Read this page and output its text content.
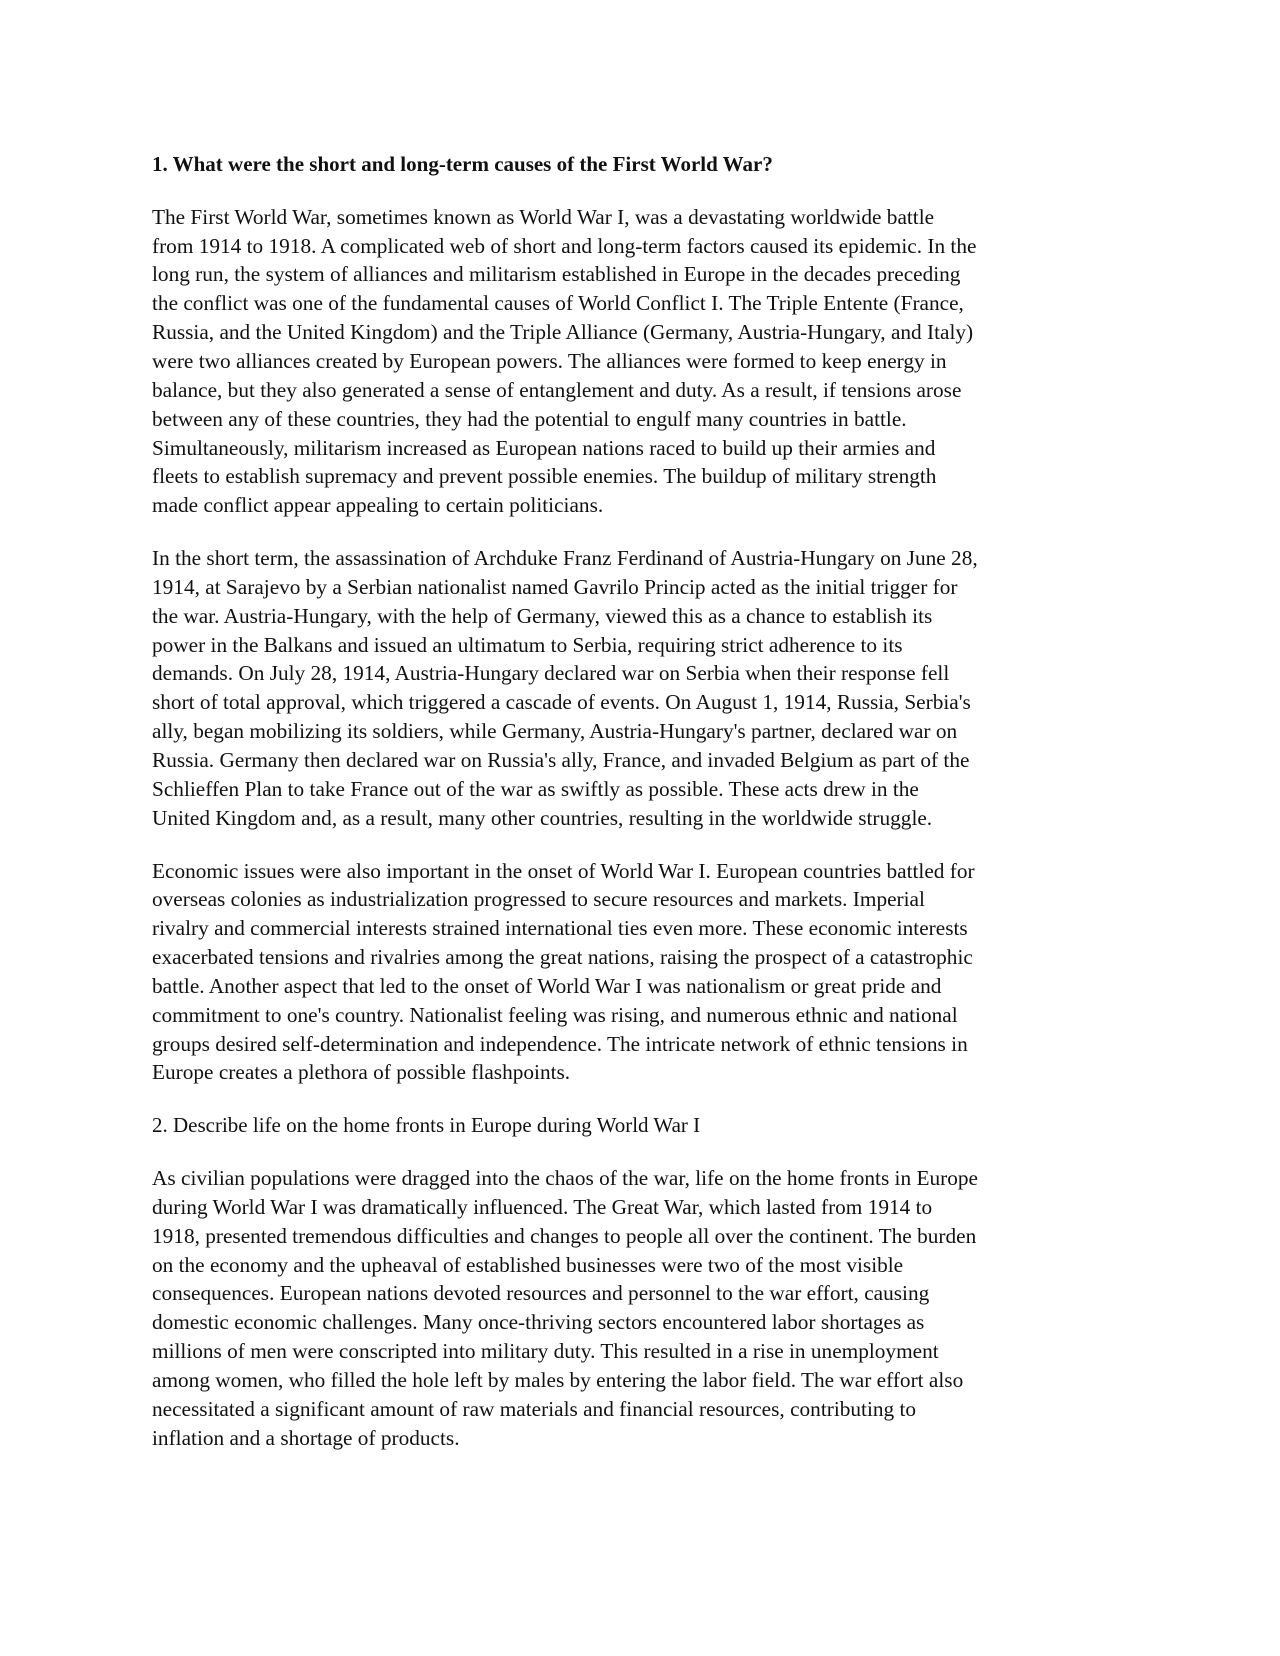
1. What were the short and long-term causes of the First World War?

The First World War, sometimes known as World War I, was a devastating worldwide battle
from 1914 to 1918. A complicated web of short and long-term factors caused its epidemic. In the
long run, the system of alliances and militarism established in Europe in the decades preceding
the conflict was one of the fundamental causes of World Conflict I. The Triple Entente (France,
Russia, and the United Kingdom) and the Triple Alliance (Germany, Austria-Hungary, and Italy)
were two alliances created by European powers. The alliances were formed to keep energy in
balance, but they also generated a sense of entanglement and duty. As a result, if tensions arose
between any of these countries, they had the potential to engulf many countries in battle.
Simultaneously, militarism increased as European nations raced to build up their armies and
fleets to establish supremacy and prevent possible enemies. The buildup of military strength
made conflict appear appealing to certain politicians.

In the short term, the assassination of Archduke Franz Ferdinand of Austria-Hungary on June 28,
1914, at Sarajevo by a Serbian nationalist named Gavrilo Princip acted as the initial trigger for
the war. Austria-Hungary, with the help of Germany, viewed this as a chance to establish its
power in the Balkans and issued an ultimatum to Serbia, requiring strict adherence to its
demands. On July 28, 1914, Austria-Hungary declared war on Serbia when their response fell
short of total approval, which triggered a cascade of events. On August 1, 1914, Russia, Serbia's
ally, began mobilizing its soldiers, while Germany, Austria-Hungary's partner, declared war on
Russia. Germany then declared war on Russia's ally, France, and invaded Belgium as part of the
Schlieffen Plan to take France out of the war as swiftly as possible. These acts drew in the
United Kingdom and, as a result, many other countries, resulting in the worldwide struggle.

Economic issues were also important in the onset of World War I. European countries battled for
overseas colonies as industrialization progressed to secure resources and markets. Imperial
rivalry and commercial interests strained international ties even more. These economic interests
exacerbated tensions and rivalries among the great nations, raising the prospect of a catastrophic
battle. Another aspect that led to the onset of World War I was nationalism or great pride and
commitment to one's country. Nationalist feeling was rising, and numerous ethnic and national
groups desired self-determination and independence. The intricate network of ethnic tensions in
Europe creates a plethora of possible flashpoints.

2. Describe life on the home fronts in Europe during World War I

As civilian populations were dragged into the chaos of the war, life on the home fronts in Europe
during World War I was dramatically influenced. The Great War, which lasted from 1914 to
1918, presented tremendous difficulties and changes to people all over the continent. The burden
on the economy and the upheaval of established businesses were two of the most visible
consequences. European nations devoted resources and personnel to the war effort, causing
domestic economic challenges. Many once-thriving sectors encountered labor shortages as
millions of men were conscripted into military duty. This resulted in a rise in unemployment
among women, who filled the hole left by males by entering the labor field. The war effort also
necessitated a significant amount of raw materials and financial resources, contributing to
inflation and a shortage of products.
